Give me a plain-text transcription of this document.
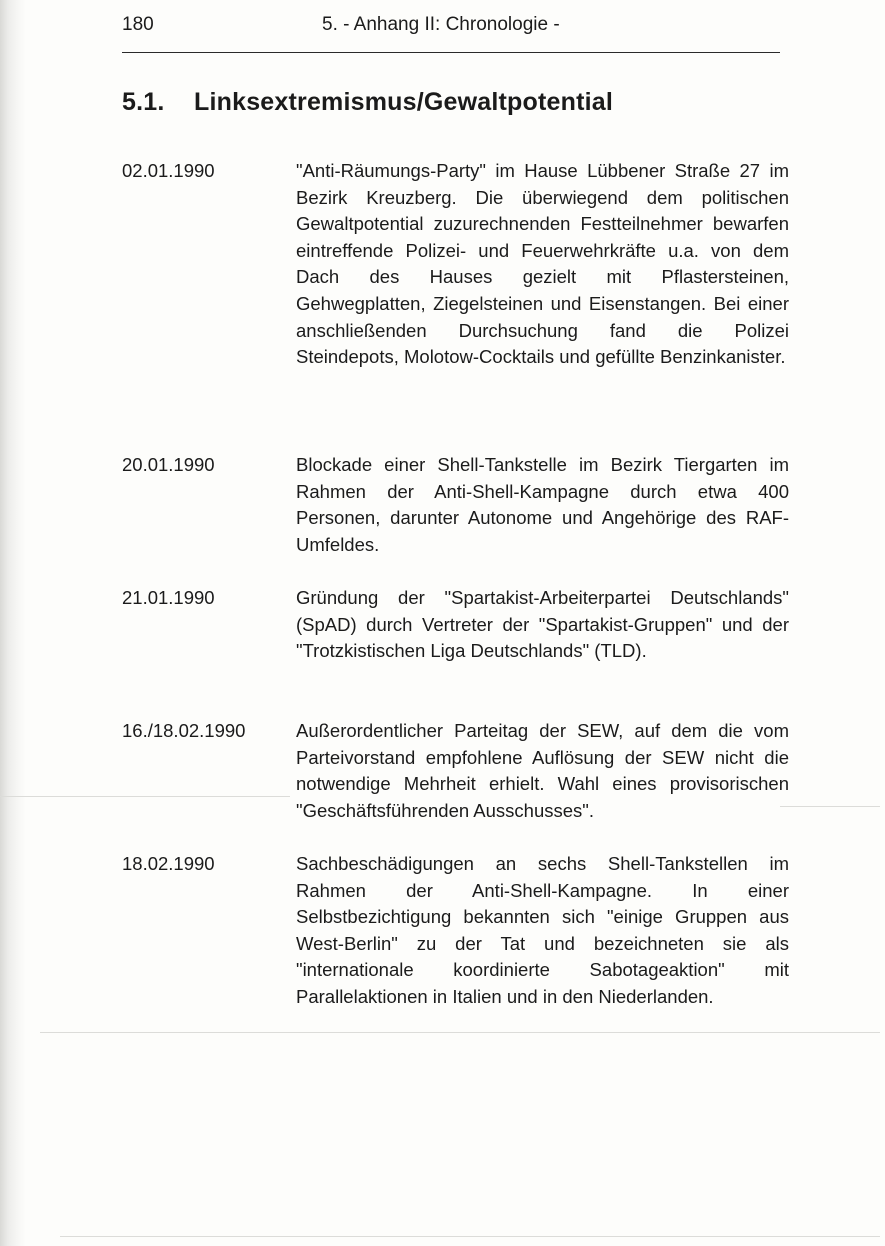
180	5. - Anhang II: Chronologie -
5.1. Linksextremismus/Gewaltpotential
02.01.1990	"Anti-Räumungs-Party" im Hause Lübbener Straße 27 im Bezirk Kreuzberg. Die überwiegend dem politischen Gewaltpotential zuzurechnenden Festteilnehmer bewarfen eintreffende Polizei- und Feuerwehrkräfte u.a. von dem Dach des Hauses gezielt mit Pflastersteinen, Gehwegplatten, Ziegelsteinen und Eisenstangen. Bei einer anschließenden Durchsuchung fand die Polizei Steindepots, Molotow-Cocktails und gefüllte Benzinkanister.
20.01.1990	Blockade einer Shell-Tankstelle im Bezirk Tiergarten im Rahmen der Anti-Shell-Kampagne durch etwa 400 Personen, darunter Autonome und Angehörige des RAF-Umfeldes.
21.01.1990	Gründung der "Spartakist-Arbeiterpartei Deutschlands" (SpAD) durch Vertreter der "Spartakist-Gruppen" und der "Trotzkistischen Liga Deutschlands" (TLD).
16./18.02.1990	Außerordentlicher Parteitag der SEW, auf dem die vom Parteivorstand empfohlene Auflösung der SEW nicht die notwendige Mehrheit erhielt. Wahl eines provisorischen "Geschäftsführenden Ausschusses".
18.02.1990	Sachbeschädigungen an sechs Shell-Tankstellen im Rahmen der Anti-Shell-Kampagne. In einer Selbstbezichtigung bekannten sich "einige Gruppen aus West-Berlin" zu der Tat und bezeichneten sie als "internationale koordinierte Sabotageaktion" mit Parallelaktionen in Italien und in den Niederlanden.
